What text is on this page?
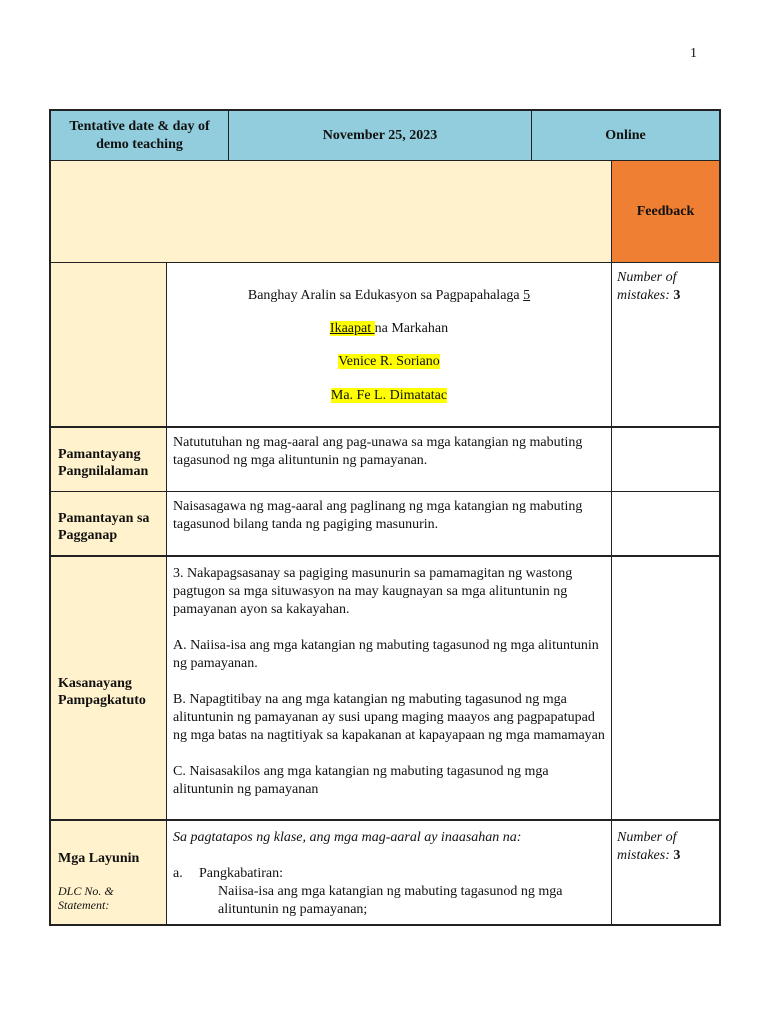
1
Tentative date & day of demo teaching
November 25, 2023	Online
Feedback
Banghay Aralin sa Edukasyon sa Pagpapahalaga 5
Ikaapat na Markahan
Venice R. Soriano
Ma. Fe L. Dimatatac
Number of mistakes: 3
Pamantayang Pangnilalaman

Natututuhan ng mag-aaral ang pag-unawa sa mga katangian ng mabuting tagasunod ng mga alituntunin ng pamayanan.

Pamantayan sa Pagganap

Naisasagawa ng mag-aaral ang paglinang ng mga katangian ng mabuting tagasunod bilang tanda ng pagiging masunurin.

Kasanayang Pampagkatuto

3. Nakapagsasanay sa pagiging masunurin sa pamamagitan ng wastong pagtugon sa mga situwasyon na may kaugnayan sa mga alituntunin ng pamayanan ayon sa kakayahan.

A. Naiisa-isa ang mga katangian ng mabuting tagasunod ng mga alituntunin ng pamayanan.

B. Napagtitibay na ang mga katangian ng mabuting tagasunod ng mga alituntunin ng pamayanan ay susi upang maging maayos ang pagpapatupad ng mga batas na nagtitiyak sa kapakanan at kapayapaan ng mga mamamayan

C. Naisasakilos ang mga katangian ng mabuting tagasunod ng mga alituntunin ng pamayanan

Mga Layunin
DLC No. & Statement:
Sa pagtatapos ng klase, ang mga mag-aaral ay inaasahan na:
a. Pangkabatiran:
Naiisa-isa ang mga katangian ng mabuting tagasunod ng mga alituntunin ng pamayanan;
Number of mistakes: 3
